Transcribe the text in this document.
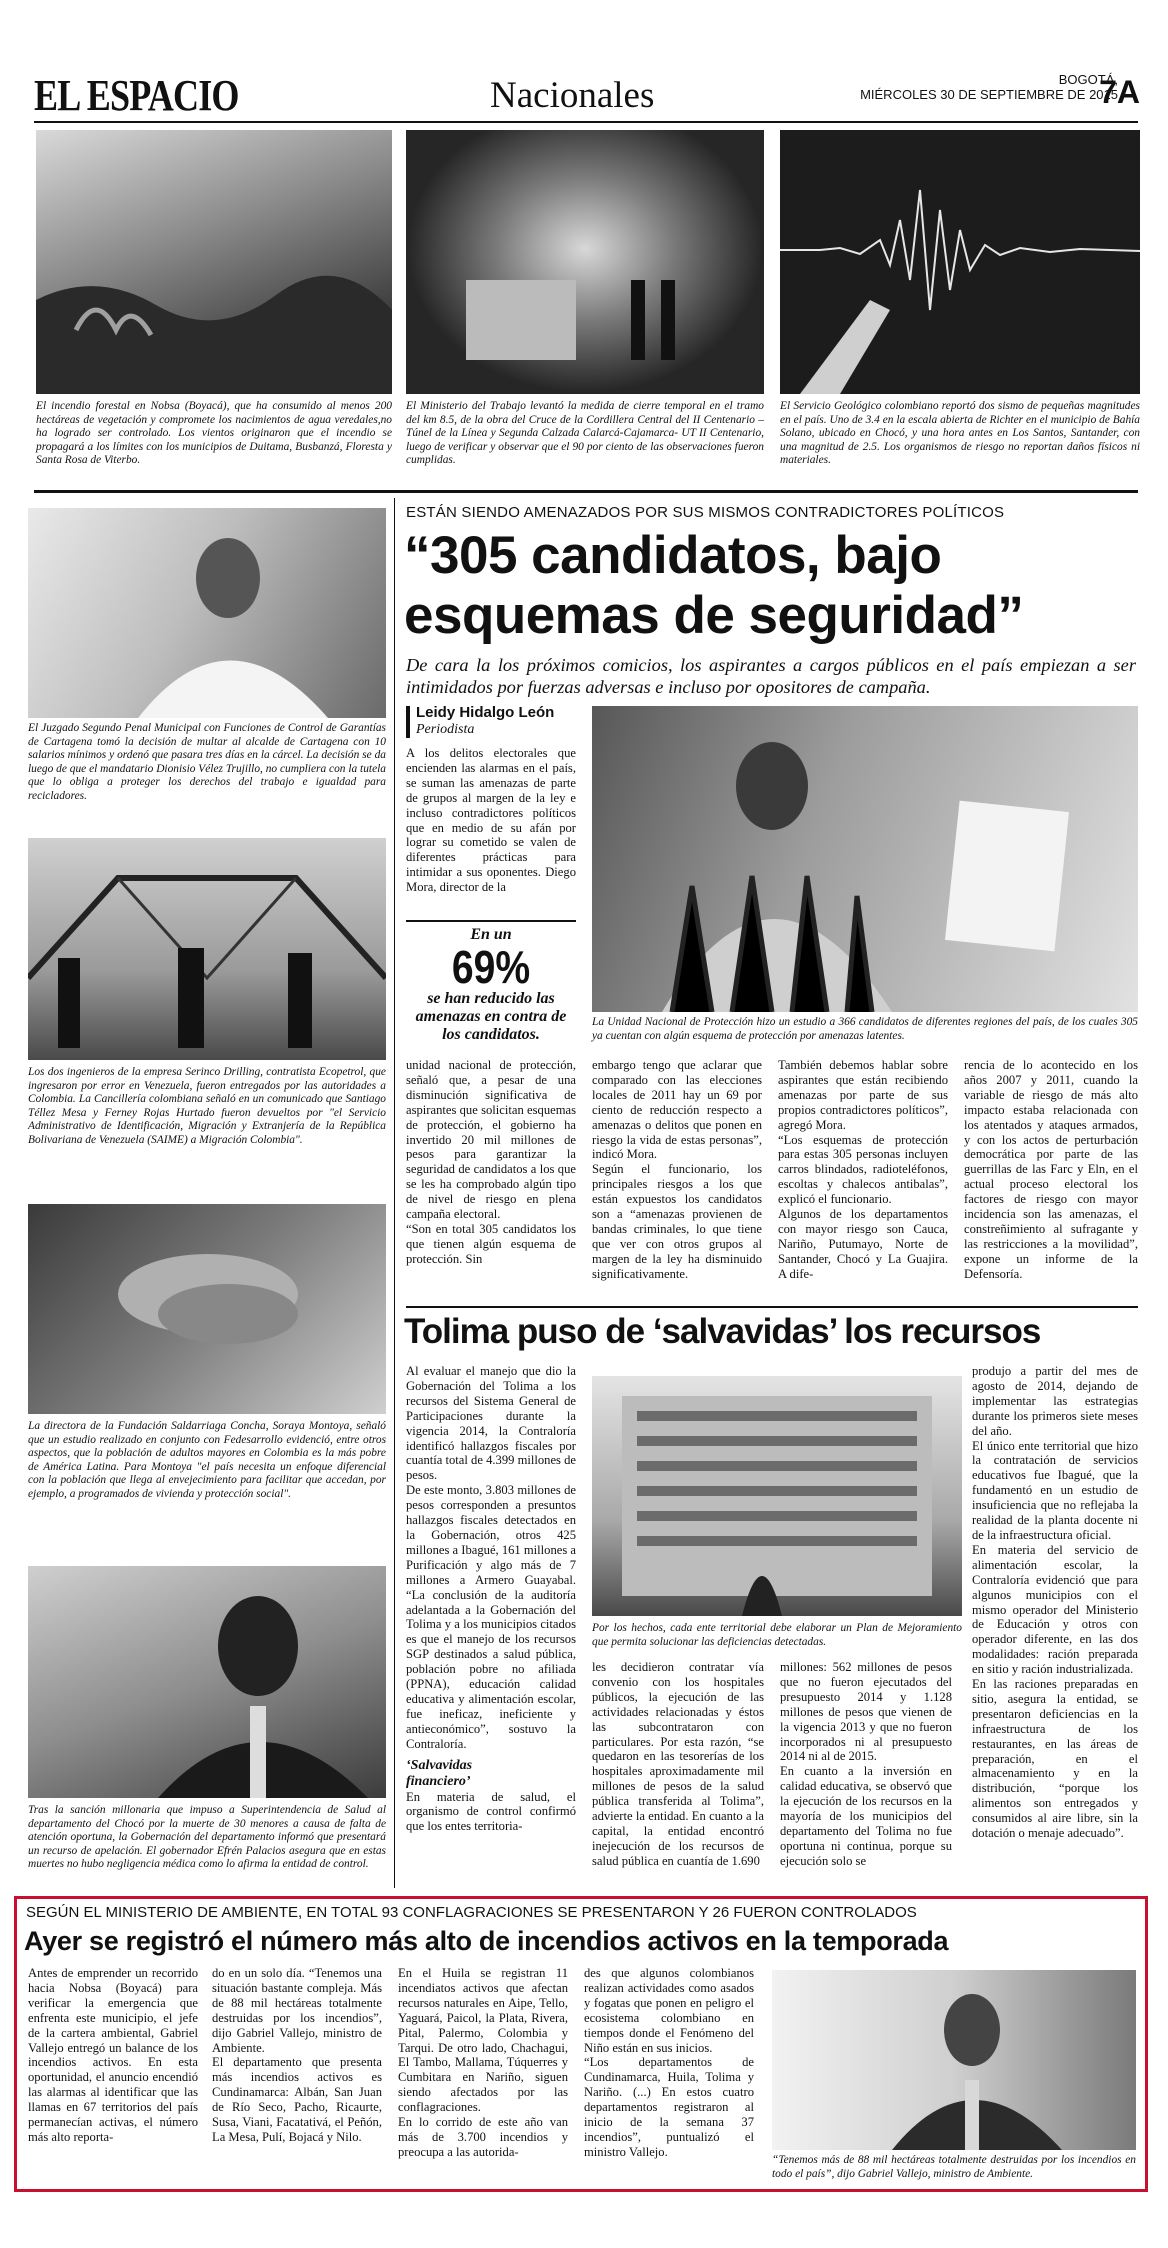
EL ESPACIO	Nacionales	BOGOTÁ,
MIÉRCOLES 30 DE SEPTIEMBRE DE 2015
7A
El incendio forestal en Nobsa (Boyacá), que ha consumido al menos 200 hectáreas de vegetación y compromete los nacimientos de agua veredales,no ha logrado ser controlado. Los vientos originaron que el incendio se propagará a los límites con los municipios de Duitama, Busbanzá, Floresta y Santa Rosa de Viterbo.
El Ministerio del Trabajo levantó la medida de cierre temporal en el tramo del km 8.5, de la obra del Cruce de la Cordillera Central del II Centenario –Túnel de la Línea y Segunda Calzada Calarcá-Cajamarca- UT II Centenario, luego de verificar y observar que el 90 por ciento de las observaciones fueron cumplidas.
El Servicio Geológico colombiano reportó dos sismo de pequeñas magnitudes en el país. Uno de 3.4 en la escala abierta de Richter en el municipio de Bahía Solano, ubicado en Chocó, y una hora antes en Los Santos, Santander, con una magnitud de 2.5. Los organismos de riesgo no reportan daños físicos ni materiales.
El Juzgado Segundo Penal Municipal con Funciones de Control de Garantías de Cartagena tomó la decisión de multar al alcalde de Cartagena con 10 salarios mínimos y ordenó que pasara tres días en la cárcel. La decisión se da luego de que el mandatario Dionisio Vélez Trujillo, no cumpliera con la tutela que lo obliga a proteger los derechos del trabajo e igualdad para recicladores.
Los dos ingenieros de la empresa Serinco Drilling, contratista Ecopetrol, que ingresaron por error en Venezuela, fueron entregados por las autoridades a Colombia. La Cancillería colombiana señaló en un comunicado que Santiago Téllez Mesa y Ferney Rojas Hurtado fueron devueltos por "el Servicio Administrativo de Identificación, Migración y Extranjería de la República Bolivariana de Venezuela (SAIME) a Migración Colombia".
La directora de la Fundación Saldarriaga Concha, Soraya Montoya, señaló que un estudio realizado en conjunto con Fedesarrollo evidenció, entre otros aspectos, que la población de adultos mayores en Colombia es la más pobre de América Latina. Para Montoya "el país necesita un enfoque diferencial con la población que llega al envejecimiento para facilitar que accedan, por ejemplo, a programados de vivienda y protección social".
Tras la sanción millonaria que impuso a Superintendencia de Salud al departamento del Chocó por la muerte de 30 menores a causa de falta de atención oportuna, la Gobernación del departamento informó que presentará un recurso de apelación. El gobernador Efrén Palacios asegura que en estas muertes no hubo negligencia médica como lo afirma la entidad de control.
ESTÁN SIENDO AMENAZADOS POR SUS MISMOS CONTRADICTORES POLÍTICOS
“305 candidatos, bajo
esquemas de seguridad”
De cara la los próximos comicios, los aspirantes a cargos públicos en el país empiezan a ser intimidados por fuerzas adversas e incluso por opositores de campaña.
Leidy Hidalgo León
Periodista
A los delitos electorales que encienden las alarmas en el país, se suman las amenazas de parte de grupos al margen de la ley e incluso contradictores políticos que en medio de su afán por lograr su cometido se valen de diferentes prácticas para intimidar a sus oponentes. Diego Mora, director de la
En un
69%
se han reducido las amenazas en contra de los candidatos.
La Unidad Nacional de Protección hizo un estudio a 366 candidatos de diferentes regiones del país, de los cuales 305 ya cuentan con algún esquema de protección por amenazas latentes.

unidad nacional de protección, señaló que, a pesar de una disminución significativa de aspirantes que solicitan esquemas de protección, el gobierno ha invertido 20 mil millones de pesos para garantizar la seguridad de candidatos a los que se les ha comprobado algún tipo de nivel de riesgo en plena campaña electoral.

“Son en total 305 candidatos los que tienen algún esquema de protección. Sin

embargo tengo que aclarar que comparado con las elecciones locales de 2011 hay un 69 por ciento de reducción respecto a amenazas o delitos que ponen en riesgo la vida de estas personas”, indicó Mora.

Según el funcionario, los principales riesgos a los que están expuestos los candidatos son a “amenazas provienen de bandas criminales, lo que tiene que ver con otros grupos al margen de la ley ha disminuido significativamente.

También debemos hablar sobre aspirantes que están recibiendo amenazas por parte de sus propios contradictores políticos”, agregó Mora.

“Los esquemas de protección para estas 305 personas incluyen carros blindados, radioteléfonos, escoltas y chalecos antibalas”, explicó el funcionario.

Algunos de los departamentos con mayor riesgo son Cauca, Nariño, Putumayo, Norte de Santander, Chocó y La Guajira. A dife-

rencia de lo acontecido en los años 2007 y 2011, cuando la variable de riesgo de más alto impacto estaba relacionada con los atentados y ataques armados, y con los actos de perturbación democrática por parte de las guerrillas de las Farc y Eln, en el actual proceso electoral los factores de riesgo con mayor incidencia son las amenazas, el constreñimiento al sufragante y las restricciones a la movilidad”, expone un informe de la Defensoría.
Tolima puso de ‘salvavidas’ los recursos

Al evaluar el manejo que dio la Gobernación del Tolima a los recursos del Sistema General de Participaciones durante la vigencia 2014, la Contraloría identificó hallazgos fiscales por cuantía total de 4.399 millones de pesos.

De este monto, 3.803 millones de pesos corresponden a presuntos hallazgos fiscales detectados en la Gobernación, otros 425 millones a Ibagué, 161 millones a Purificación y algo más de 7 millones a Armero Guayabal. “La conclusión de la auditoría adelantada a la Gobernación del Tolima y a los municipios citados es que el manejo de los recursos SGP destinados a salud pública, población pobre no afiliada (PPNA), educación calidad educativa y alimentación escolar, fue ineficaz, ineficiente y antieconómico”, sostuvo la Contraloría.

‘Salvavidas
financiero’

En materia de salud, el organismo de control confirmó que los entes territoria-

Por los hechos, cada ente territorial debe elaborar un Plan de Mejoramiento que permita solucionar las deficiencias detectadas.
les decidieron contratar vía convenio con los hospitales públicos, la ejecución de las actividades relacionadas y éstos las subcontrataron con particulares. Por esta razón, “se quedaron en las tesorerías de los hospitales aproximadamente mil millones de pesos de la salud pública transferida al Tolima”, advierte la entidad. En cuanto a la capital, la entidad encontró inejecución de los recursos de salud pública en cuantía de 1.690

millones: 562 millones de pesos que no fueron ejecutados del presupuesto 2014 y 1.128 millones de pesos que vienen de la vigencia 2013 y que no fueron incorporados ni al presupuesto 2014 ni al de 2015.

En cuanto a la inversión en calidad educativa, se observó que la ejecución de los recursos en la mayoría de los municipios del departamento del Tolima no fue oportuna ni continua, porque su ejecución solo se

produjo a partir del mes de agosto de 2014, dejando de implementar las estrategias durante los primeros siete meses del año.

El único ente territorial que hizo la contratación de servicios educativos fue Ibagué, que la fundamentó en un estudio de insuficiencia que no reflejaba la realidad de la planta docente ni de la infraestructura oficial.

En materia del servicio de alimentación escolar, la Contraloría evidenció que para algunos municipios con el mismo operador del Ministerio de Educación y otros con operador diferente, en las dos modalidades: ración preparada en sitio y ración industrializada.

En las raciones preparadas en sitio, asegura la entidad, se presentaron deficiencias en la infraestructura de los restaurantes, en las áreas de preparación, en el almacenamiento y en la distribución, “porque los alimentos son entregados y consumidos al aire libre, sin la dotación o menaje adecuado”.

SEGÚN EL MINISTERIO DE AMBIENTE, EN TOTAL 93 CONFLAGRACIONES SE PRESENTARON Y 26 FUERON CONTROLADOS
Ayer se registró el número más alto de incendios activos en la temporada
Antes de emprender un recorrido hacia Nobsa (Boyacá) para verificar la emergencia que enfrenta este municipio, el jefe de la cartera ambiental, Gabriel Vallejo entregó un balance de los incendios activos. En esta oportunidad, el anuncio encendió las alarmas al identificar que las llamas en 67 territorios del país permanecían activas, el número más alto reporta-

do en un solo día. “Tenemos una situación bastante compleja. Más de 88 mil hectáreas totalmente destruidas por los incendios”, dijo Gabriel Vallejo, ministro de Ambiente.

El departamento que presenta más incendios activos es Cundinamarca: Albán, San Juan de Río Seco, Pacho, Ricaurte, Susa, Viani, Facatativá, el Peñón, La Mesa, Pulí, Bojacá y Nilo.

En el Huila se registran 11 incendiatos activos que afectan recursos naturales en Aipe, Tello, Yaguará, Paicol, la Plata, Rivera, Pital, Palermo, Colombia y Tarqui. De otro lado, Chachagui, El Tambo, Mallama, Túquerres y Cumbitara en Nariño, siguen siendo afectados por las conflagraciones.

En lo corrido de este año van más de 3.700 incendios y preocupa a las autorida-

des que algunos colombianos realizan actividades como asados y fogatas que ponen en peligro el ecosistema colombiano en tiempos donde el Fenómeno del Niño están en sus inicios.

“Los departamentos de Cundinamarca, Huila, Tolima y Nariño. (...) En estos cuatro departamentos registraron al inicio de la semana 37 incendios”, puntualizó el ministro Vallejo.

“Tenemos más de 88 mil hectáreas totalmente destruidas por los incendios en todo el país”, dijo Gabriel Vallejo, ministro de Ambiente.
